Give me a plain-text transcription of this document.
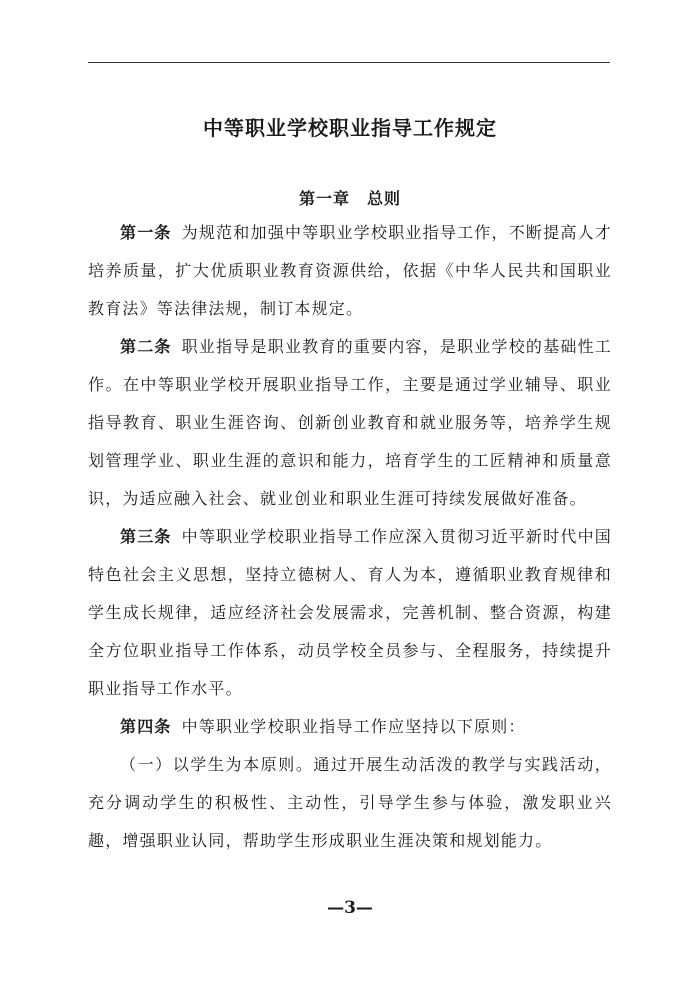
中等职业学校职业指导工作规定
第一章　总则

第一条 为规范和加强中等职业学校职业指导工作，不断提高人才培养质量，扩大优质职业教育资源供给，依据《中华人民共和国职业教育法》等法律法规，制订本规定。

第二条 职业指导是职业教育的重要内容，是职业学校的基础性工作。在中等职业学校开展职业指导工作，主要是通过学业辅导、职业指导教育、职业生涯咨询、创新创业教育和就业服务等，培养学生规划管理学业、职业生涯的意识和能力，培育学生的工匠精神和质量意识，为适应融入社会、就业创业和职业生涯可持续发展做好准备。

第三条 中等职业学校职业指导工作应深入贯彻习近平新时代中国特色社会主义思想，坚持立德树人、育人为本，遵循职业教育规律和学生成长规律，适应经济社会发展需求，完善机制、整合资源，构建全方位职业指导工作体系，动员学校全员参与、全程服务，持续提升职业指导工作水平。

第四条 中等职业学校职业指导工作应坚持以下原则：

（一）以学生为本原则。通过开展生动活泼的教学与实践活动，充分调动学生的积极性、主动性，引导学生参与体验，激发职业兴趣，增强职业认同，帮助学生形成职业生涯决策和规划能力。

—3—
